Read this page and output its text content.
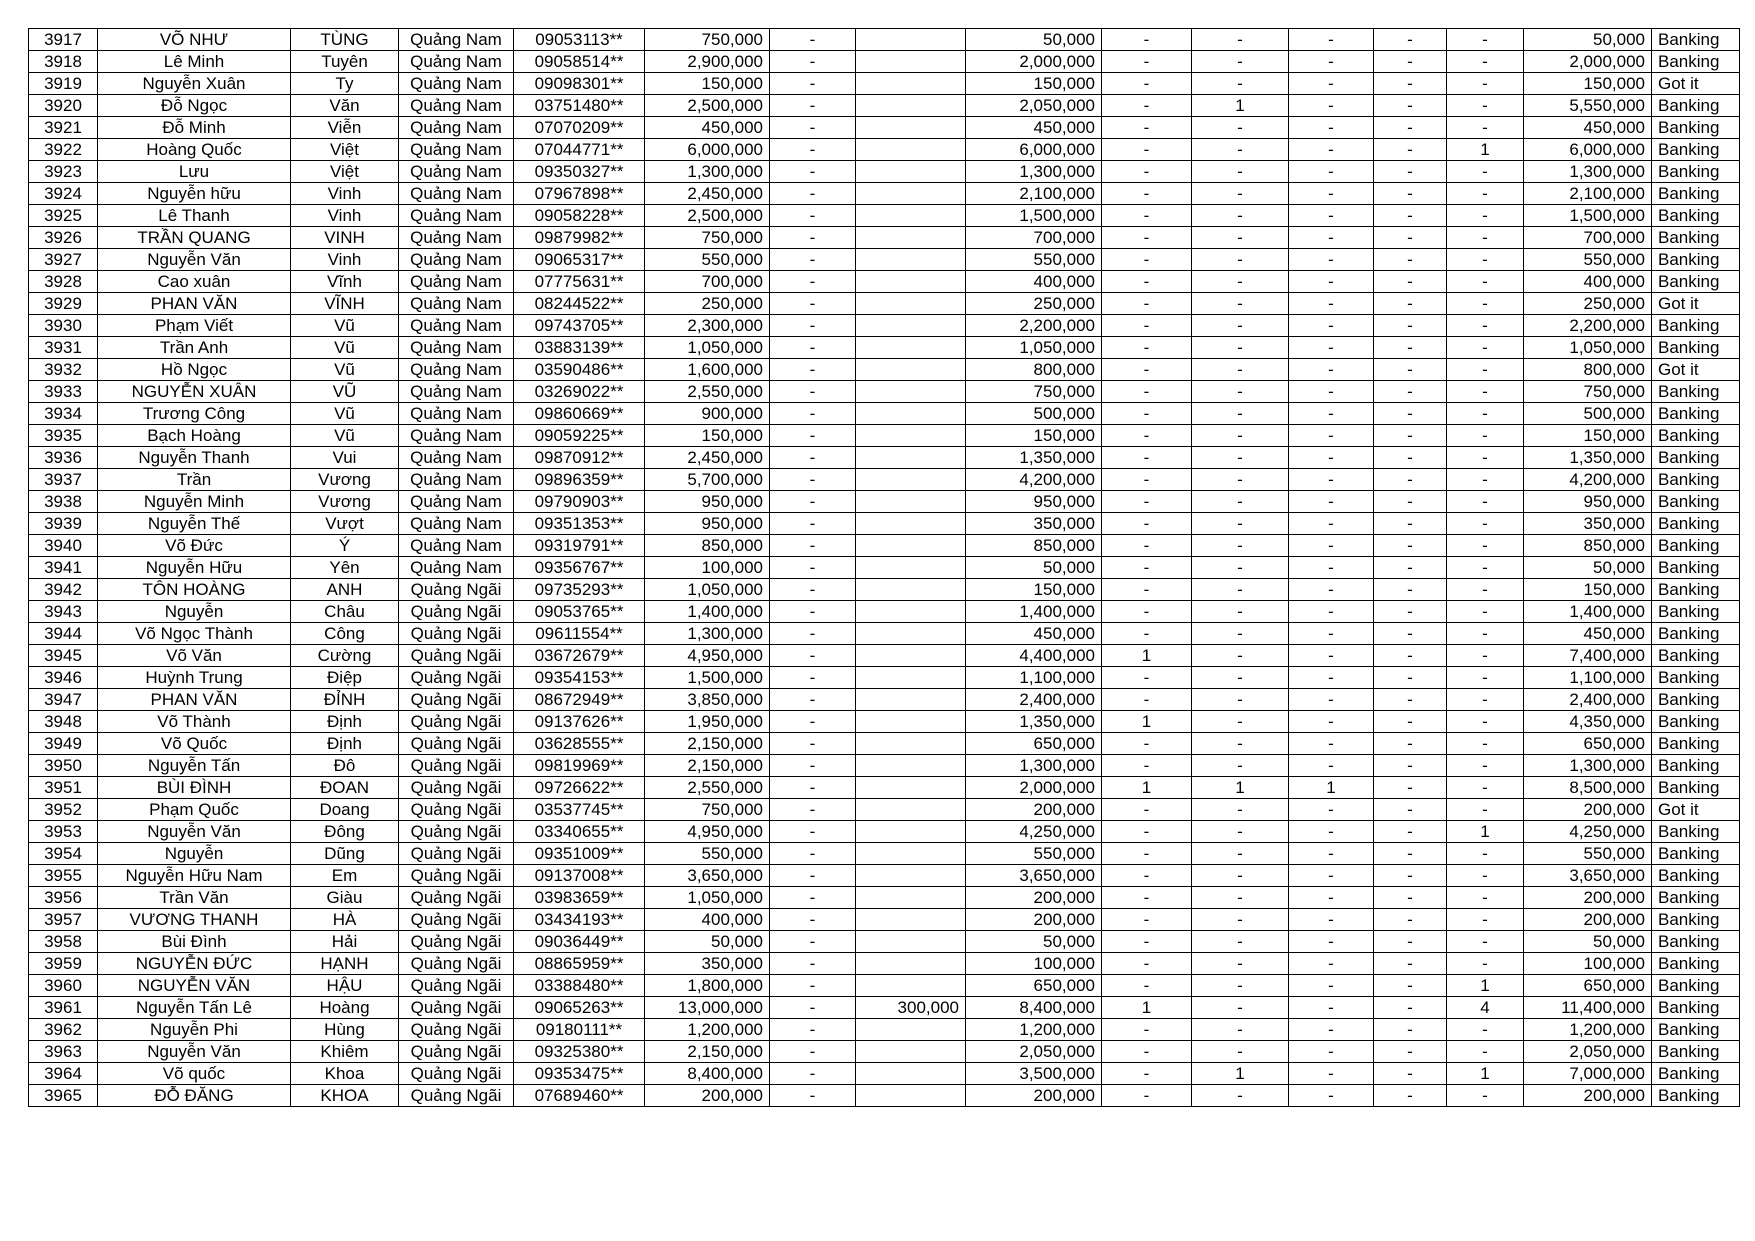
3917	VÕ NHƯ	TÙNG	Quảng Nam	09053113**	750,000	-		50,000	-	-	-	-	-	50,000	Banking
3918	Lê Minh	Tuyên	Quảng Nam	09058514**	2,900,000	-		2,000,000	-	-	-	-	-	2,000,000	Banking
3919	Nguyễn Xuân	Ty	Quảng Nam	09098301**	150,000	-		150,000	-	-	-	-	-	150,000	Got it
3920	Đỗ Ngọc	Văn	Quảng Nam	03751480**	2,500,000	-		2,050,000	-	1	-	-	-	5,550,000	Banking
3921	Đỗ Minh	Viễn	Quảng Nam	07070209**	450,000	-		450,000	-	-	-	-	-	450,000	Banking
3922	Hoàng Quốc	Việt	Quảng Nam	07044771**	6,000,000	-		6,000,000	-	-	-	-	1	6,000,000	Banking
3923	Lưu	Việt	Quảng Nam	09350327**	1,300,000	-		1,300,000	-	-	-	-	-	1,300,000	Banking
3924	Nguyễn hữu	Vinh	Quảng Nam	07967898**	2,450,000	-		2,100,000	-	-	-	-	-	2,100,000	Banking
3925	Lê Thanh	Vinh	Quảng Nam	09058228**	2,500,000	-		1,500,000	-	-	-	-	-	1,500,000	Banking
3926	TRẦN QUANG	VINH	Quảng Nam	09879982**	750,000	-		700,000	-	-	-	-	-	700,000	Banking
3927	Nguyễn Văn	Vinh	Quảng Nam	09065317**	550,000	-		550,000	-	-	-	-	-	550,000	Banking
3928	Cao xuân	Vĩnh	Quảng Nam	07775631**	700,000	-		400,000	-	-	-	-	-	400,000	Banking
3929	PHAN VĂN	VĨNH	Quảng Nam	08244522**	250,000	-		250,000	-	-	-	-	-	250,000	Got it
3930	Phạm Viết	Vũ	Quảng Nam	09743705**	2,300,000	-		2,200,000	-	-	-	-	-	2,200,000	Banking
3931	Trần Anh	Vũ	Quảng Nam	03883139**	1,050,000	-		1,050,000	-	-	-	-	-	1,050,000	Banking
3932	Hồ Ngọc	Vũ	Quảng Nam	03590486**	1,600,000	-		800,000	-	-	-	-	-	800,000	Got it
3933	NGUYỄN XUÂN	VŨ	Quảng Nam	03269022**	2,550,000	-		750,000	-	-	-	-	-	750,000	Banking
3934	Trương Công	Vũ	Quảng Nam	09860669**	900,000	-		500,000	-	-	-	-	-	500,000	Banking
3935	Bạch Hoàng	Vũ	Quảng Nam	09059225**	150,000	-		150,000	-	-	-	-	-	150,000	Banking
3936	Nguyễn Thanh	Vui	Quảng Nam	09870912**	2,450,000	-		1,350,000	-	-	-	-	-	1,350,000	Banking
3937	Trần	Vương	Quảng Nam	09896359**	5,700,000	-		4,200,000	-	-	-	-	-	4,200,000	Banking
3938	Nguyễn Minh	Vương	Quảng Nam	09790903**	950,000	-		950,000	-	-	-	-	-	950,000	Banking
3939	Nguyễn Thế	Vượt	Quảng Nam	09351353**	950,000	-		350,000	-	-	-	-	-	350,000	Banking
3940	Võ Đức	Ý	Quảng Nam	09319791**	850,000	-		850,000	-	-	-	-	-	850,000	Banking
3941	Nguyễn Hữu	Yên	Quảng Nam	09356767**	100,000	-		50,000	-	-	-	-	-	50,000	Banking
3942	TÔN HOÀNG	ANH	Quảng Ngãi	09735293**	1,050,000	-		150,000	-	-	-	-	-	150,000	Banking
3943	Nguyễn	Châu	Quảng Ngãi	09053765**	1,400,000	-		1,400,000	-	-	-	-	-	1,400,000	Banking
3944	Võ Ngọc Thành	Công	Quảng Ngãi	09611554**	1,300,000	-		450,000	-	-	-	-	-	450,000	Banking
3945	Võ Văn	Cường	Quảng Ngãi	03672679**	4,950,000	-		4,400,000	1	-	-	-	-	7,400,000	Banking
3946	Huỳnh Trung	Điệp	Quảng Ngãi	09354153**	1,500,000	-		1,100,000	-	-	-	-	-	1,100,000	Banking
3947	PHAN VĂN	ĐỈNH	Quảng Ngãi	08672949**	3,850,000	-		2,400,000	-	-	-	-	-	2,400,000	Banking
3948	Võ Thành	Định	Quảng Ngãi	09137626**	1,950,000	-		1,350,000	1	-	-	-	-	4,350,000	Banking
3949	Võ Quốc	Định	Quảng Ngãi	03628555**	2,150,000	-		650,000	-	-	-	-	-	650,000	Banking
3950	Nguyễn Tấn	Đô	Quảng Ngãi	09819969**	2,150,000	-		1,300,000	-	-	-	-	-	1,300,000	Banking
3951	BÙI ĐÌNH	ĐOAN	Quảng Ngãi	09726622**	2,550,000	-		2,000,000	1	1	1	-	-	8,500,000	Banking
3952	Phạm Quốc	Doang	Quảng Ngãi	03537745**	750,000	-		200,000	-	-	-	-	-	200,000	Got it
3953	Nguyễn Văn	Đông	Quảng Ngãi	03340655**	4,950,000	-		4,250,000	-	-	-	-	1	4,250,000	Banking
3954	Nguyễn	Dũng	Quảng Ngãi	09351009**	550,000	-		550,000	-	-	-	-	-	550,000	Banking
3955	Nguyễn Hữu Nam	Em	Quảng Ngãi	09137008**	3,650,000	-		3,650,000	-	-	-	-	-	3,650,000	Banking
3956	Trần Văn	Giàu	Quảng Ngãi	03983659**	1,050,000	-		200,000	-	-	-	-	-	200,000	Banking
3957	VƯƠNG THANH	HÀ	Quảng Ngãi	03434193**	400,000	-		200,000	-	-	-	-	-	200,000	Banking
3958	Bùi Đình	Hải	Quảng Ngãi	09036449**	50,000	-		50,000	-	-	-	-	-	50,000	Banking
3959	NGUYỄN ĐỨC	HẠNH	Quảng Ngãi	08865959**	350,000	-		100,000	-	-	-	-	-	100,000	Banking
3960	NGUYỄN VĂN	HẬU	Quảng Ngãi	03388480**	1,800,000	-		650,000	-	-	-	-	1	650,000	Banking
3961	Nguyễn Tấn Lê	Hoàng	Quảng Ngãi	09065263**	13,000,000	-	300,000	8,400,000	1	-	-	-	4	11,400,000	Banking
3962	Nguyễn Phi	Hùng	Quảng Ngãi	09180111**	1,200,000	-		1,200,000	-	-	-	-	-	1,200,000	Banking
3963	Nguyễn Văn	Khiêm	Quảng Ngãi	09325380**	2,150,000	-		2,050,000	-	-	-	-	-	2,050,000	Banking
3964	Võ quốc	Khoa	Quảng Ngãi	09353475**	8,400,000	-		3,500,000	-	1	-	-	1	7,000,000	Banking
3965	ĐỖ ĐĂNG	KHOA	Quảng Ngãi	07689460**	200,000	-		200,000	-	-	-	-	-	200,000	Banking
